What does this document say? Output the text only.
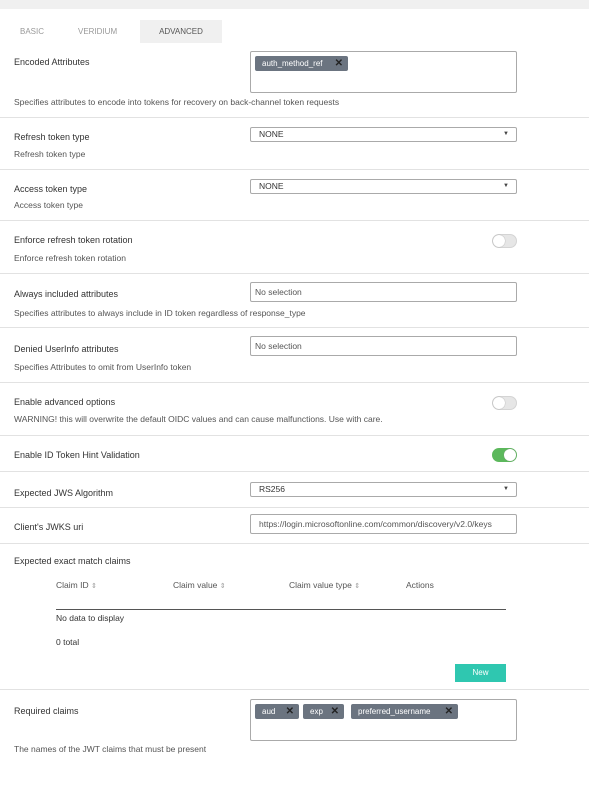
BASIC	VERIDIUM	ADVANCED
Encoded Attributes	auth_method_ref ✕
Specifies attributes to encode into tokens for recovery on back-channel token requests
Refresh token type	NONE	▼
Refresh token type
Access token type	NONE	▼
Access token type
Enforce refresh token rotation
Enforce refresh token rotation
Always included attributes	No selection
Specifies attributes to always include in ID token regardless of response_type
Denied UserInfo attributes	No selection
Specifies Attributes to omit from UserInfo token
Enable advanced options
WARNING! this will overwrite the default OIDC values and can cause malfunctions. Use with care.
Enable ID Token Hint Validation
Expected JWS Algorithm	RS256	▼
Client's JWKS uri	https://login.microsoftonline.com/common/discovery/v2.0/keys
Expected exact match claims
Claim ID ⇕	Claim value ⇕	Claim value type ⇕	Actions
No data to display
0 total
New
Required claims	aud ✕	exp ✕	preferred_username ✕
The names of the JWT claims that must be present
